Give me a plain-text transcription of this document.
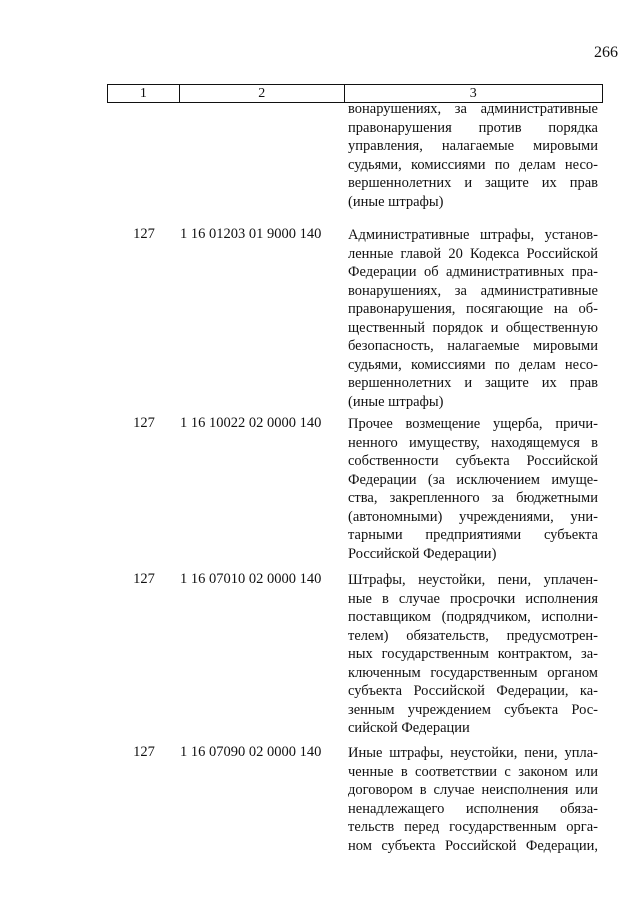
266
1	2	3
вонарушениях, за административные
правонарушения против порядка
управления, налагаемые мировыми
судьями, комиссиями по делам несо-
вершеннолетних и защите их прав
(иные штрафы)
127	1 16 01203 01 9000 140	Административные штрафы, установ-
ленные главой 20 Кодекса Российской
Федерации об административных пра-
вонарушениях, за административные
правонарушения, посягающие на об-
щественный порядок и общественную
безопасность, налагаемые мировыми
судьями, комиссиями по делам несо-
вершеннолетних и защите их прав
(иные штрафы)
127	1 16 10022 02 0000 140	Прочее возмещение ущерба, причи-
ненного имуществу, находящемуся в
собственности субъекта Российской
Федерации (за исключением имуще-
ства, закрепленного за бюджетными
(автономными) учреждениями, уни-
тарными предприятиями субъекта
Российской Федерации)
127	1 16 07010 02 0000 140	Штрафы, неустойки, пени, уплачен-
ные в случае просрочки исполнения
поставщиком (подрядчиком, исполни-
телем) обязательств, предусмотрен-
ных государственным контрактом, за-
ключенным государственным органом
субъекта Российской Федерации, ка-
зенным учреждением субъекта Рос-
сийской Федерации
127	1 16 07090 02 0000 140	Иные штрафы, неустойки, пени, упла-
ченные в соответствии с законом или
договором в случае неисполнения или
ненадлежащего исполнения обяза-
тельств перед государственным орга-
ном субъекта Российской Федерации,
